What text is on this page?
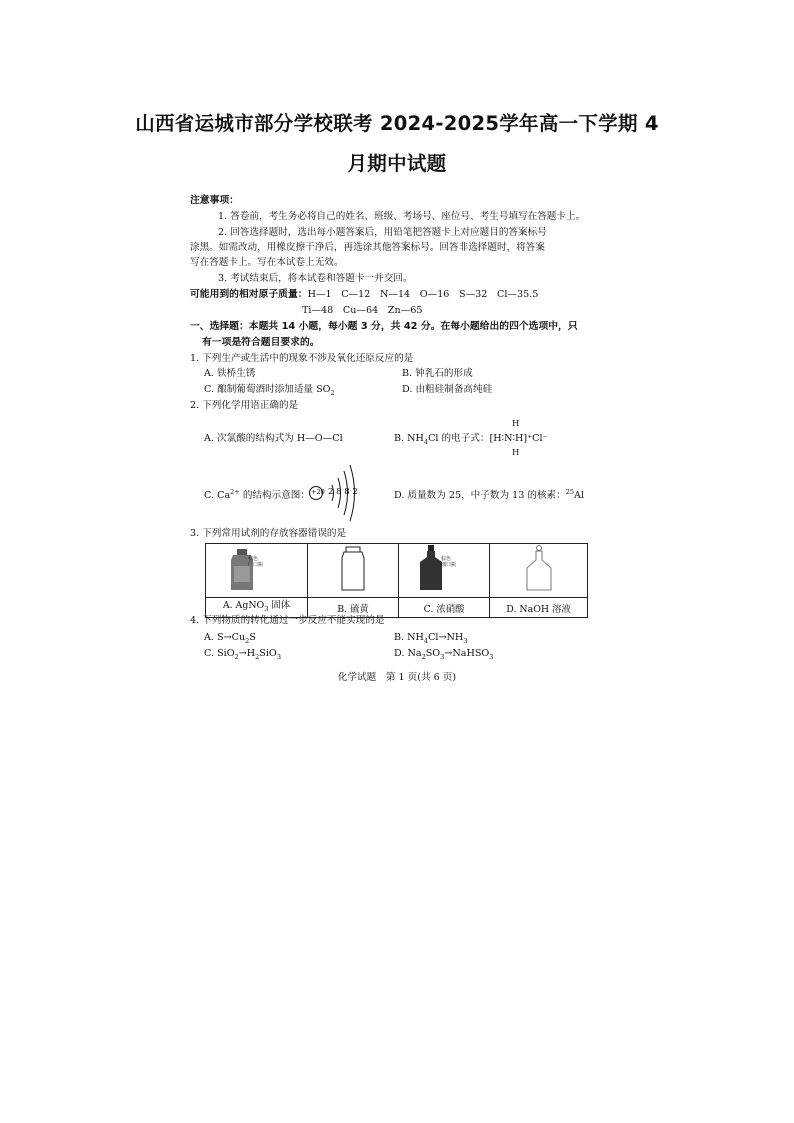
山西省运城市部分学校联考 2024-2025学年高一下学期 4
月期中试题
注意事项：
1. 答卷前，考生务必将自己的姓名、班级、考场号、座位号、考生号填写在答题卡上。
2. 回答选择题时，选出每小题答案后，用铅笔把答题卡上对应题目的答案标号
涂黑。如需改动，用橡皮擦干净后，再选涂其他答案标号。回答非选择题时，将答案
写在答题卡上。写在本试卷上无效。
3. 考试结束后，将本试卷和答题卡一并交回。
可能用到的相对原子质量：H—1　C—12　N—14　O—16　S—32　Cl—35.5
Ti—48　Cu—64　Zn—65
一、选择题：本题共 14 小题，每小题 3 分，共 42 分。在每小题给出的四个选项中，只
有一项是符合题目要求的。
1. 下列生产或生活中的现象不涉及氧化还原反应的是
A. 铁桥生锈	B. 钟乳石的形成
C. 酿制葡萄酒时添加适量 $SO_2$	D. 由粗硅制备高纯硅
2. 下列化学用语正确的是
A. 次氯酸的结构式为 H—O—Cl	B. $NH_4Cl$ 的电子式：[H∶N∶H]⁺Cl⁻
H
H
C. $Ca^{2+}$ 的结构示意图： +20 2 8 8 2	D. 质量数为 25，中子数为 13 的核素：$^{25}$Al
3. 下列常用试剂的存放容器错误的是

A. AgNO$_3$ 固体	B. 硫黄	C. 浓硝酸	D. NaOH 溶液
棕色
广口瓶
棕色
细口瓶
4. 下列物质的转化通过一步反应不能实现的是
A. $S\to Cu_2S$	B. $NH_4Cl\to NH_3$
C. $SiO_2\to H_2SiO_3$	D. $Na_2SO_3\to NaHSO_3$
化学试题　第 1 页(共 6 页)
